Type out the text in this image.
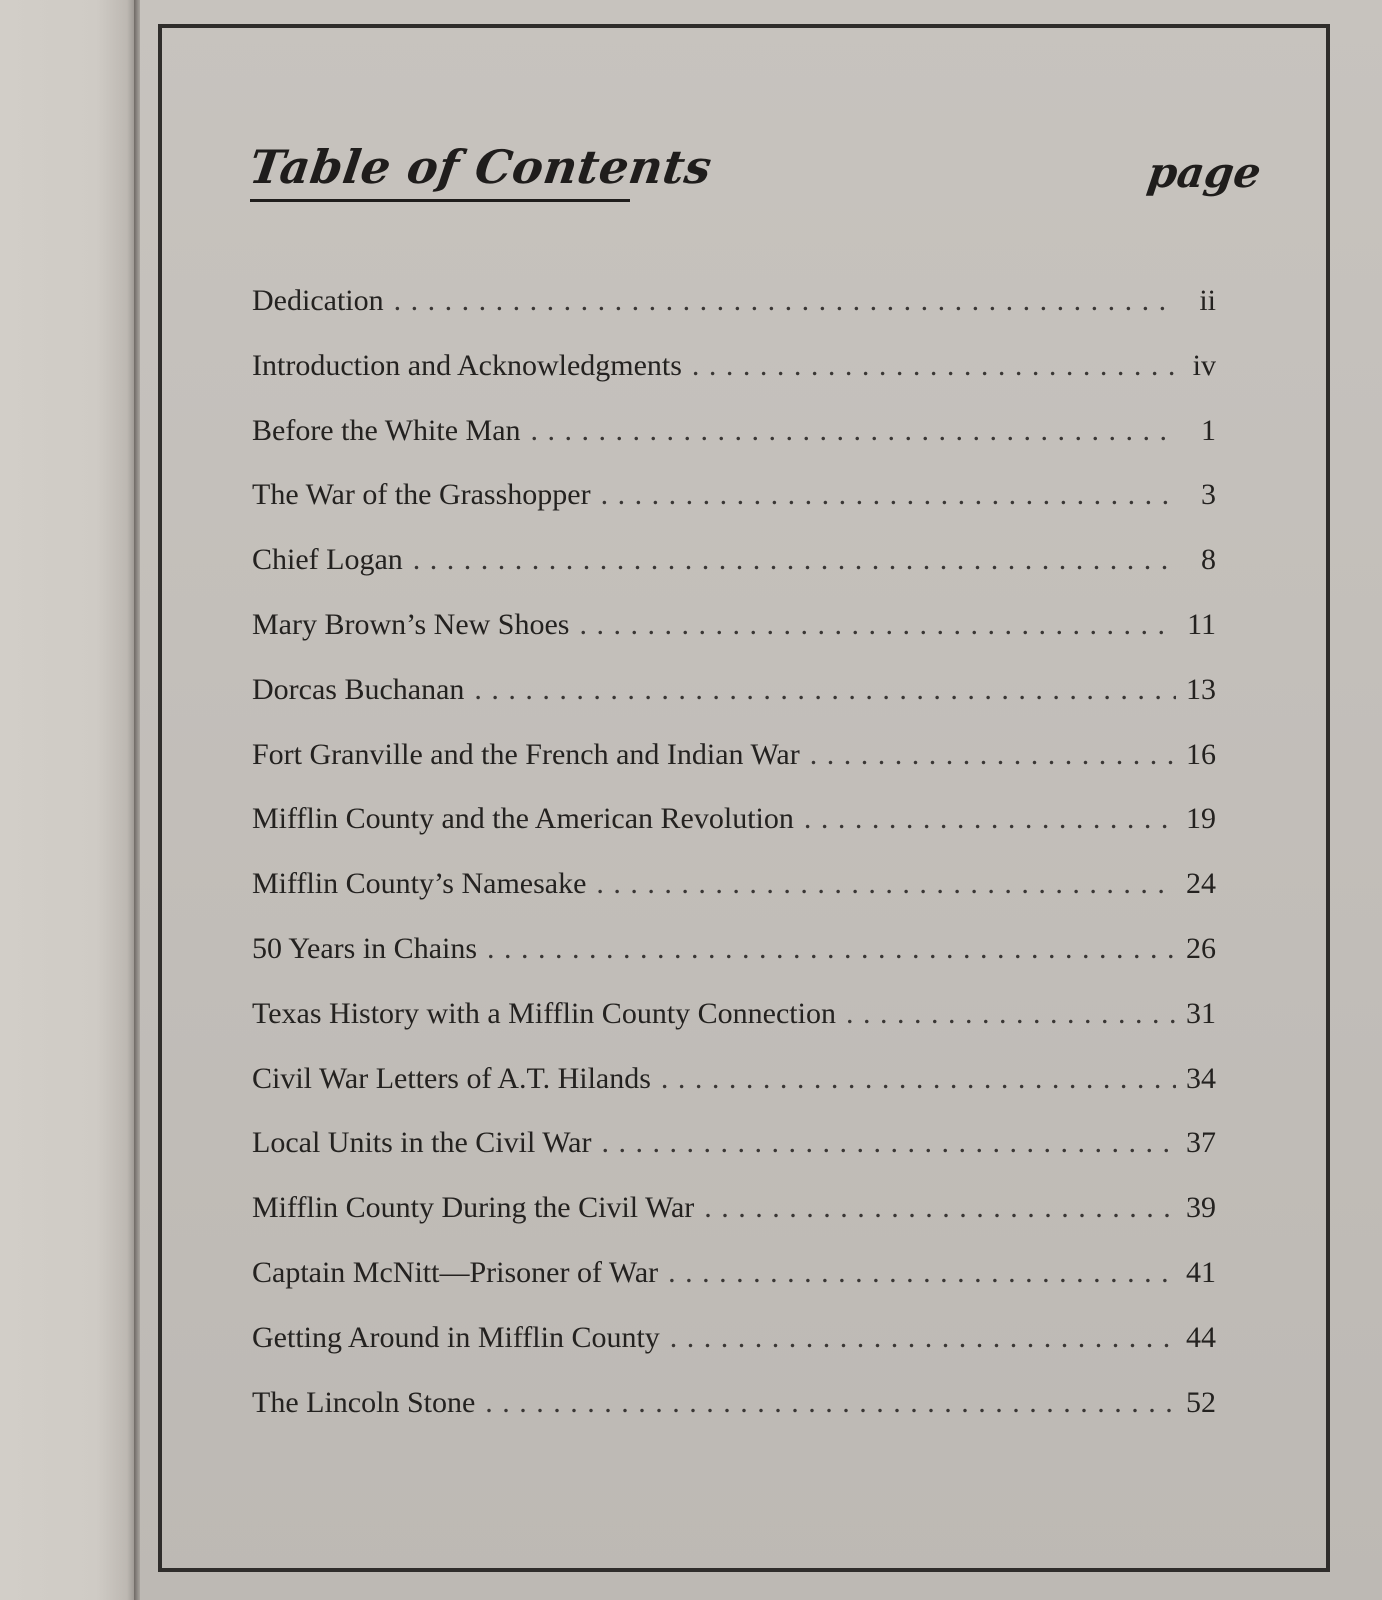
Table of Contents	page
Dedication . . .	ii
Introduction and Acknowledgments . . .	iv
Before the White Man . . .	1
The War of the Grasshopper . . .	3
Chief Logan . . .	8
Mary Brown’s New Shoes . . .	11
Dorcas Buchanan . . .	13
Fort Granville and the French and Indian War . . .	16
Mifflin County and the American Revolution . . .	19
Mifflin County’s Namesake . . .	24
50 Years in Chains . . .	26
Texas History with a Mifflin County Connection . . .	31
Civil War Letters of A.T. Hilands . . .	34
Local Units in the Civil War . . .	37
Mifflin County During the Civil War . . .	39
Captain McNitt—Prisoner of War . . .	41
Getting Around in Mifflin County . . .	44
The Lincoln Stone . . .	52
